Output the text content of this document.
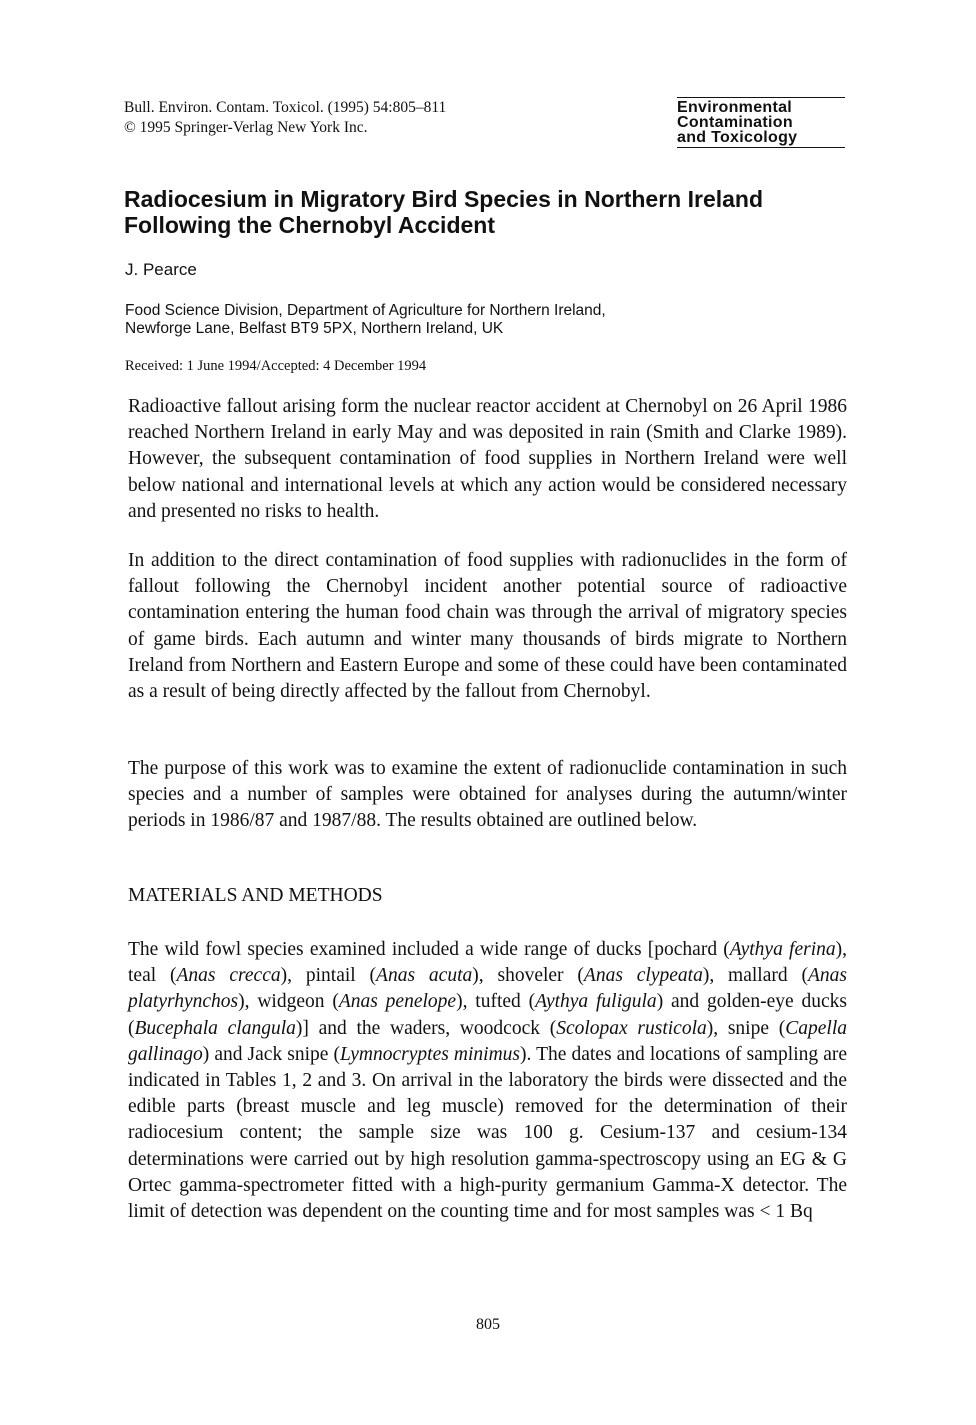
Bull. Environ. Contam. Toxicol. (1995) 54:805–811
© 1995 Springer-Verlag New York Inc.
Environmental
Contamination
and Toxicology
Radiocesium in Migratory Bird Species in Northern Ireland Following the Chernobyl Accident
J. Pearce
Food Science Division, Department of Agriculture for Northern Ireland,
Newforge Lane, Belfast BT9 5PX, Northern Ireland, UK
Received: 1 June 1994/Accepted: 4 December 1994

Radioactive fallout arising form the nuclear reactor accident at Chernobyl on 26 April 1986 reached Northern Ireland in early May and was deposited in rain (Smith and Clarke 1989). However, the subsequent contamination of food supplies in Northern Ireland were well below national and international levels at which any action would be considered necessary and presented no risks to health.

In addition to the direct contamination of food supplies with radionuclides in the form of fallout following the Chernobyl incident another potential source of radioactive contamination entering the human food chain was through the arrival of migratory species of game birds. Each autumn and winter many thousands of birds migrate to Northern Ireland from Northern and Eastern Europe and some of these could have been contaminated as a result of being directly affected by the fallout from Chernobyl.

The purpose of this work was to examine the extent of radionuclide contamination in such species and a number of samples were obtained for analyses during the autumn/winter periods in 1986/87 and 1987/88. The results obtained are outlined below.

MATERIALS AND METHODS

The wild fowl species examined included a wide range of ducks [pochard (Aythya ferina), teal (Anas crecca), pintail (Anas acuta), shoveler (Anas clypeata), mallard (Anas platyrhynchos), widgeon (Anas penelope), tufted (Aythya fuligula) and golden-eye ducks (Bucephala clangula)] and the waders, woodcock (Scolopax rusticola), snipe (Capella gallinago) and Jack snipe (Lymnocryptes minimus). The dates and locations of sampling are indicated in Tables 1, 2 and 3. On arrival in the laboratory the birds were dissected and the edible parts (breast muscle and leg muscle) removed for the determination of their radiocesium content; the sample size was 100 g. Cesium-137 and cesium-134 determinations were carried out by high resolution gamma-spectroscopy using an EG & G Ortec gamma-spectrometer fitted with a high-purity germanium Gamma-X detector. The limit of detection was dependent on the counting time and for most samples was < 1 Bq

805
